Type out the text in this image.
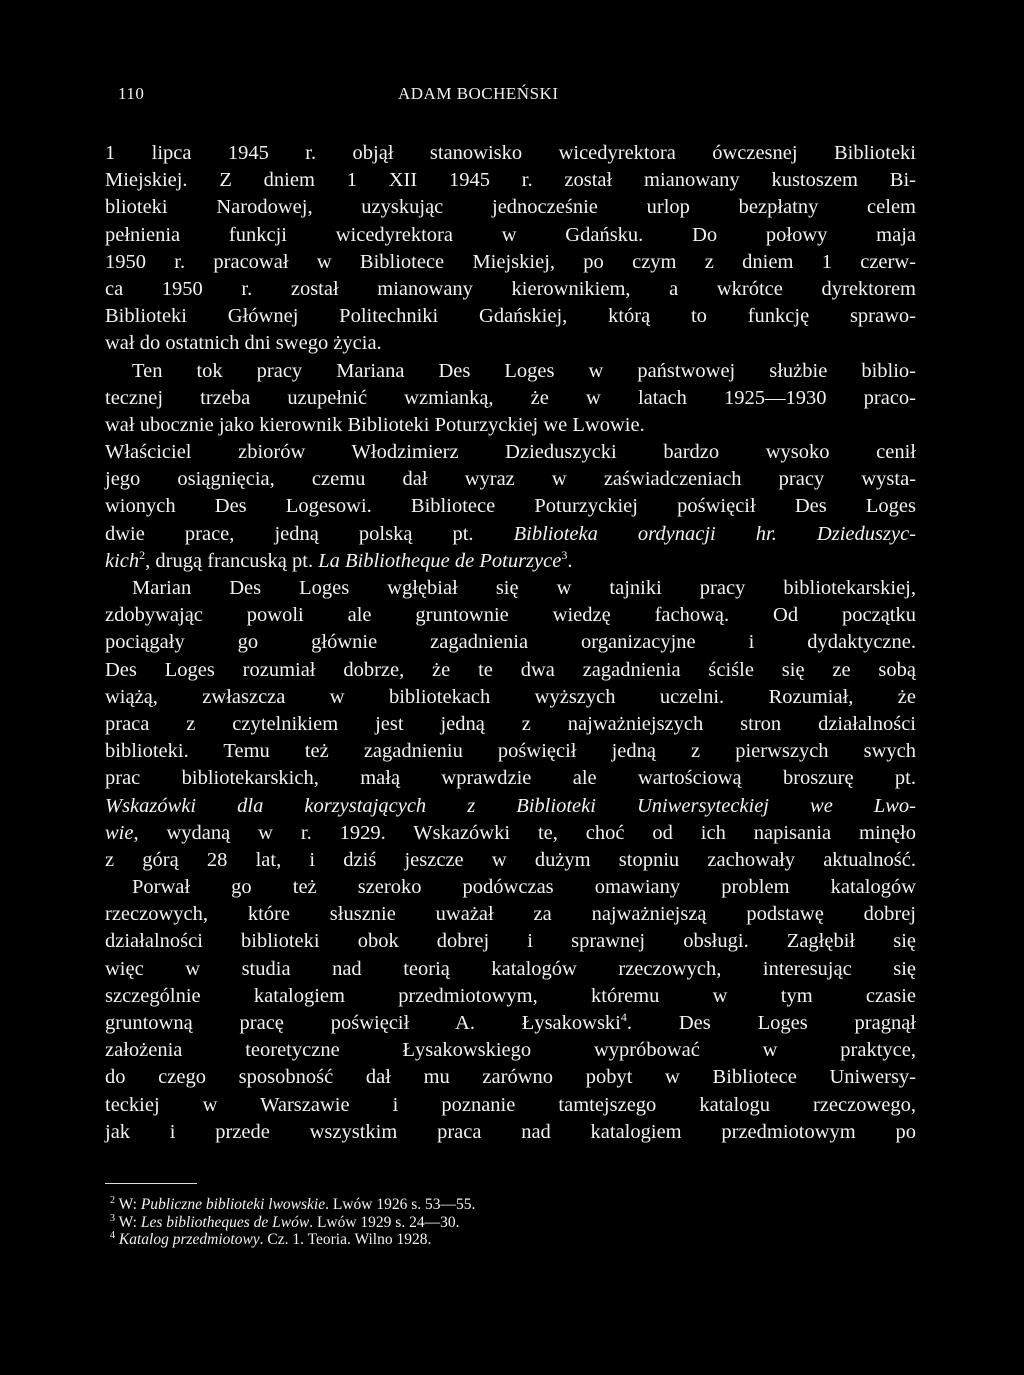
110	ADAM BOCHEŃSKI
1 lipca 1945 r. objął stanowisko wicedyrektora ówczesnej Biblioteki
Miejskiej. Z dniem 1 XII 1945 r. został mianowany kustoszem Bi-
blioteki Narodowej, uzyskując jednocześnie urlop bezpłatny celem
pełnienia funkcji wicedyrektora w Gdańsku. Do połowy maja
1950 r. pracował w Bibliotece Miejskiej, po czym z dniem 1 czerw-
ca 1950 r. został mianowany kierownikiem, a wkrótce dyrektorem
Biblioteki Głównej Politechniki Gdańskiej, którą to funkcję sprawo-
wał do ostatnich dni swego życia.
Ten tok pracy Mariana Des Loges w państwowej służbie biblio-
tecznej trzeba uzupełnić wzmianką, że w latach 1925—1930 praco-
wał ubocznie jako kierownik Biblioteki Poturzyckiej we Lwowie.
Właściciel zbiorów Włodzimierz Dzieduszycki bardzo wysoko cenił
jego osiągnięcia, czemu dał wyraz w zaświadczeniach pracy wysta-
wionych Des Logesowi. Bibliotece Poturzyckiej poświęcił Des Loges
dwie prace, jedną polską pt. Biblioteka ordynacji hr. Dzieduszyc-
kich$^2$, drugą francuską pt. La Bibliotheque de Poturzyce$^3$.
Marian Des Loges wgłębiał się w tajniki pracy bibliotekarskiej,
zdobywając powoli ale gruntownie wiedzę fachową. Od początku
pociągały go głównie zagadnienia organizacyjne i dydaktyczne.
Des Loges rozumiał dobrze, że te dwa zagadnienia ściśle się ze sobą
wiążą, zwłaszcza w bibliotekach wyższych uczelni. Rozumiał, że
praca z czytelnikiem jest jedną z najważniejszych stron działalności
biblioteki. Temu też zagadnieniu poświęcił jedną z pierwszych swych
prac bibliotekarskich, małą wprawdzie ale wartościową broszurę pt.
Wskazówki dla korzystających z Biblioteki Uniwersyteckiej we Lwo-
wie, wydaną w r. 1929. Wskazówki te, choć od ich napisania minęło
z górą 28 lat, i dziś jeszcze w dużym stopniu zachowały aktualność.
Porwał go też szeroko podówczas omawiany problem katalogów
rzeczowych, które słusznie uważał za najważniejszą podstawę dobrej
działalności biblioteki obok dobrej i sprawnej obsługi. Zagłębił się
więc w studia nad teorią katalogów rzeczowych, interesując się
szczególnie katalogiem przedmiotowym, któremu w tym czasie
gruntowną pracę poświęcił A. Łysakowski$^4$. Des Loges pragnął
założenia teoretyczne Łysakowskiego wypróbować w praktyce,
do czego sposobność dał mu zarówno pobyt w Bibliotece Uniwersy-
teckiej w Warszawie i poznanie tamtejszego katalogu rzeczowego,
jak i przede wszystkim praca nad katalogiem przedmiotowym po
$^2$ W: Publiczne biblioteki lwowskie. Lwów 1926 s. 53—55.
$^3$ W: Les bibliotheques de Lwów. Lwów 1929 s. 24—30.
$^4$ Katalog przedmiotowy. Cz. 1. Teoria. Wilno 1928.
